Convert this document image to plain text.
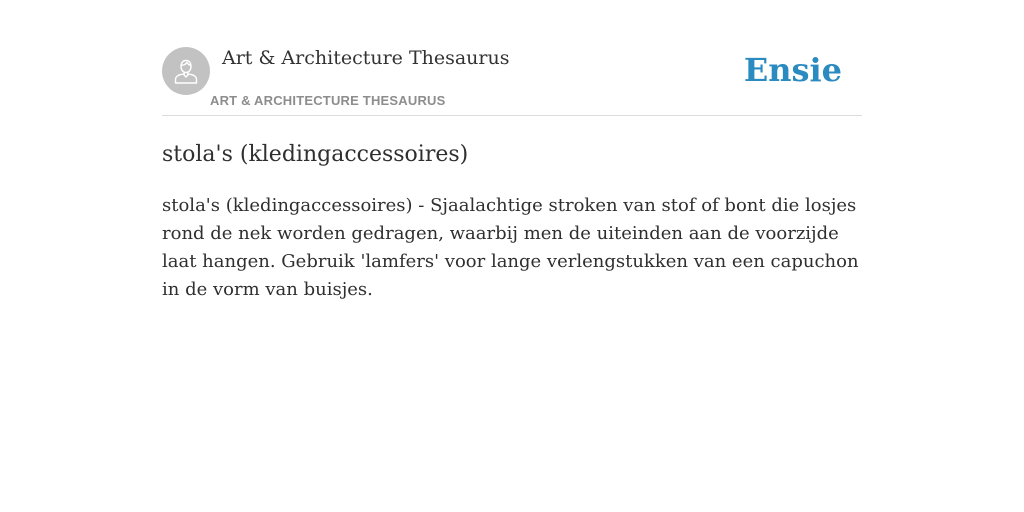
Art & Architecture Thesaurus
ART & ARCHITECTURE THESAURUS
Ensie
stola's (kledingaccessoires)

stola's (kledingaccessoires) - Sjaalachtige stroken van stof of bont die losjes rond de nek worden gedragen, waarbij men de uiteinden aan de voorzijde laat hangen. Gebruik 'lamfers' voor lange verlengstukken van een capuchon in de vorm van buisjes.
